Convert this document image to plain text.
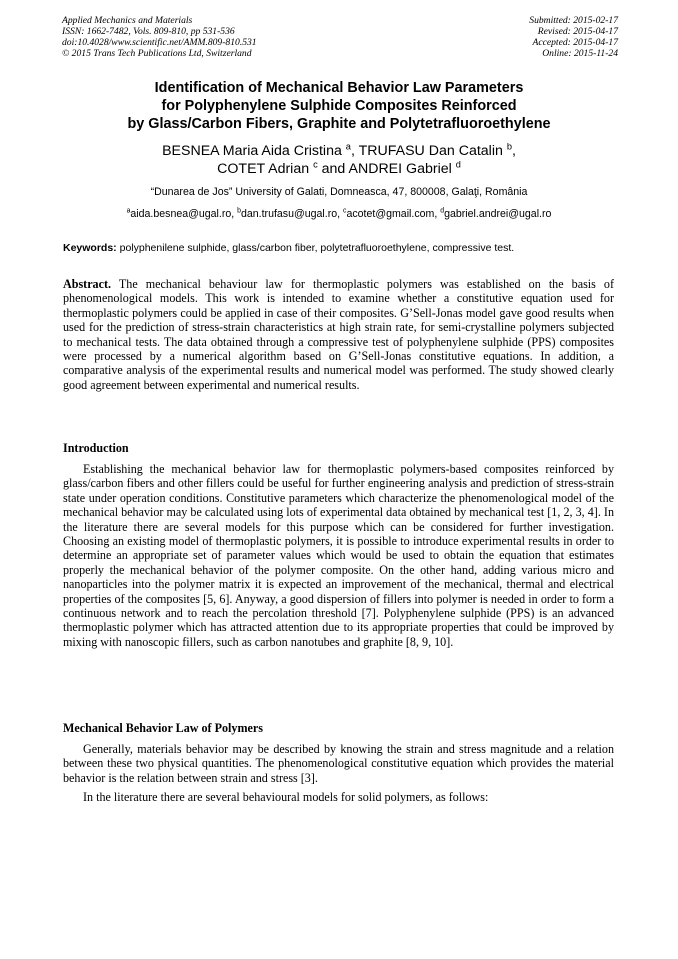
Applied Mechanics and Materials
ISSN: 1662-7482, Vols. 809-810, pp 531-536
doi:10.4028/www.scientific.net/AMM.809-810.531
© 2015 Trans Tech Publications Ltd, Switzerland
Submitted: 2015-02-17
Revised: 2015-04-17
Accepted: 2015-04-17
Online: 2015-11-24
Identification of Mechanical Behavior Law Parameters
for Polyphenylene Sulphide Composites Reinforced
by Glass/Carbon Fibers, Graphite and Polytetrafluoroethylene
BESNEA Maria Aida Cristina $^a$, TRUFASU Dan Catalin $^b$,
COTET Adrian $^c$ and ANDREI Gabriel $^d$
“Dunarea de Jos” University of Galati, Domneasca, 47, 800008, Galaţi, România
$^a$aida.besnea@ugal.ro, $^b$dan.trufasu@ugal.ro, $^c$acotet@gmail.com, $^d$gabriel.andrei@ugal.ro
Keywords: polyphenilene sulphide, glass/carbon fiber, polytetrafluoroethylene, compressive test.
Abstract. The mechanical behaviour law for thermoplastic polymers was established on the basis of phenomenological models. This work is intended to examine whether a constitutive equation used for thermoplastic polymers could be applied in case of their composites. G’Sell-Jonas model gave good results when used for the prediction of stress-strain characteristics at high strain rate, for semi-crystalline polymers subjected to mechanical tests. The data obtained through a compressive test of polyphenylene sulphide (PPS) composites were processed by a numerical algorithm based on G’Sell-Jonas constitutive equations. In addition, a comparative analysis of the experimental results and numerical model was performed. The study showed clearly good agreement between experimental and numerical results.
Introduction
Establishing the mechanical behavior law for thermoplastic polymers-based composites reinforced by glass/carbon fibers and other fillers could be useful for further engineering analysis and prediction of stress-strain state under operation conditions. Constitutive parameters which characterize the phenomenological model of the mechanical behavior may be calculated using lots of experimental data obtained by mechanical test [1, 2, 3, 4]. In the literature there are several models for this purpose which can be considered for further investigation. Choosing an existing model of thermoplastic polymers, it is possible to introduce experimental results in order to determine an appropriate set of parameter values which would be used to obtain the equation that estimates properly the mechanical behavior of the polymer composite. On the other hand, adding various micro and nanoparticles into the polymer matrix it is expected an improvement of the mechanical, thermal and electrical properties of the composites [5, 6]. Anyway, a good dispersion of fillers into polymer is needed in order to form a continuous network and to reach the percolation threshold [7]. Polyphenylene sulphide (PPS) is an advanced thermoplastic polymer which has attracted attention due to its appropriate properties that could be improved by mixing with nanoscopic fillers, such as carbon nanotubes and graphite [8, 9, 10].
Mechanical Behavior Law of Polymers
Generally, materials behavior may be described by knowing the strain and stress magnitude and a relation between these two physical quantities. The phenomenological constitutive equation which provides the material behavior is the relation between strain and stress [3].
In the literature there are several behavioural models for solid polymers, as follows:
